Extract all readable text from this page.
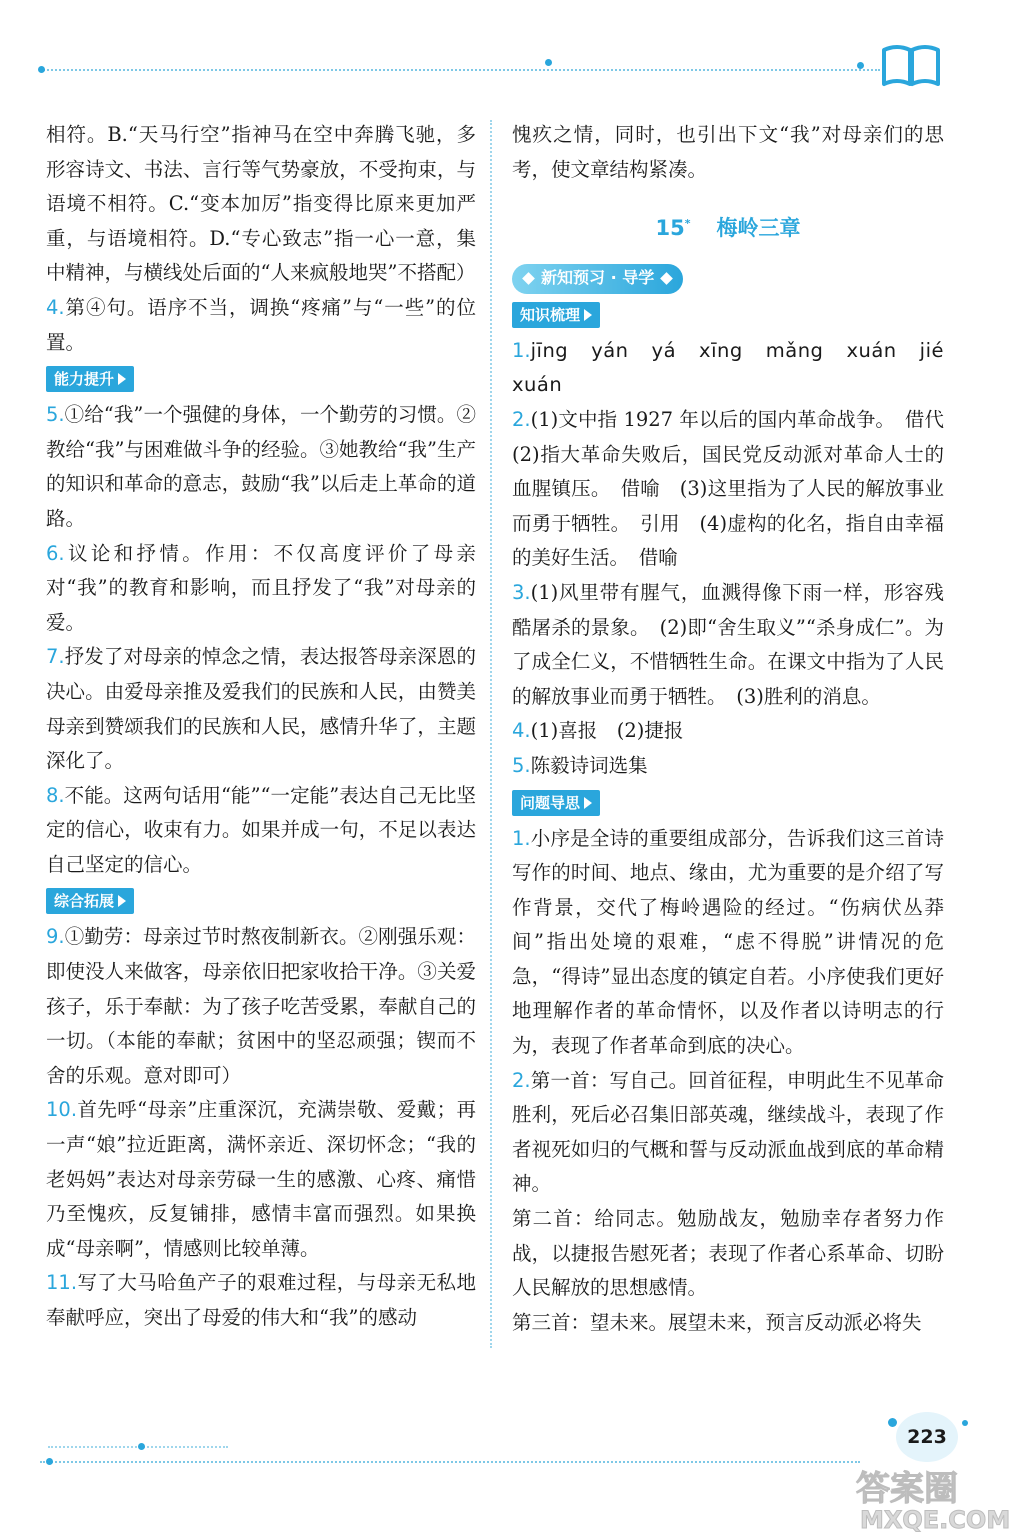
相符。B.“天马行空”指神马在空中奔腾飞驰，多形容诗文、书法、言行等气势豪放，不受拘束，与语境不相符。C.“变本加厉”指变得比原来更加严重，与语境相符。D.“专心致志”指一心一意，集中精神，与横线处后面的“人来疯般地哭”不搭配）

4.第④句。语序不当，调换“疼痛”与“一些”的位置。

能力提升

5.①给“我”一个强健的身体，一个勤劳的习惯。②教给“我”与困难做斗争的经验。③她教给“我”生产的知识和革命的意志，鼓励“我”以后走上革命的道路。

6.议论和抒情。作用：不仅高度评价了母亲对“我”的教育和影响，而且抒发了“我”对母亲的爱。

7.抒发了对母亲的悼念之情，表达报答母亲深恩的决心。由爱母亲推及爱我们的民族和人民，由赞美母亲到赞颂我们的民族和人民，感情升华了，主题深化了。

8.不能。这两句话用“能”“一定能”表达自己无比坚定的信心，收束有力。如果并成一句，不足以表达自己坚定的信心。

综合拓展

9.①勤劳：母亲过节时熬夜制新衣。②刚强乐观：即使没人来做客，母亲依旧把家收拾干净。③关爱孩子，乐于奉献：为了孩子吃苦受累，奉献自己的一切。（本能的奉献；贫困中的坚忍顽强；锲而不舍的乐观。意对即可）

10.首先呼“母亲”庄重深沉，充满崇敬、爱戴；再一声“娘”拉近距离，满怀亲近、深切怀念；“我的老妈妈”表达对母亲劳碌一生的感激、心疼、痛惜乃至愧疚，反复铺排，感情丰富而强烈。如果换成“母亲啊”，情感则比较单薄。

11.写了大马哈鱼产子的艰难过程，与母亲无私地奉献呼应，突出了母爱的伟大和“我”的感动

愧疚之情，同时，也引出下文“我”对母亲们的思考，使文章结构紧凑。

15* 梅岭三章
新知预习 · 导学

知识梳理

1.jīng　yán　yá　xīng　mǎng　xuán　jié　xuán

2.(1)文中指 1927 年以后的国内革命战争。　借代　(2)指大革命失败后，国民党反动派对革命人士的血腥镇压。　借喻　(3)这里指为了人民的解放事业而勇于牺牲。　引用　(4)虚构的化名，指自由幸福的美好生活。　借喻

3.(1)风里带有腥气，血溅得像下雨一样，形容残酷屠杀的景象。　(2)即“舍生取义”“杀身成仁”。为了成全仁义，不惜牺牲生命。在课文中指为了人民的解放事业而勇于牺牲。　(3)胜利的消息。

4.(1)喜报　(2)捷报

5.陈毅诗词选集

问题导思

1.小序是全诗的重要组成部分，告诉我们这三首诗写作的时间、地点、缘由，尤为重要的是介绍了写作背景，交代了梅岭遇险的经过。“伤病伏丛莽间”指出处境的艰难，“虑不得脱”讲情况的危急，“得诗”显出态度的镇定自若。小序使我们更好地理解作者的革命情怀，以及作者以诗明志的行为，表现了作者革命到底的决心。

2.第一首：写自己。回首征程，申明此生不见革命胜利，死后必召集旧部英魂，继续战斗，表现了作者视死如归的气概和誓与反动派血战到底的革命精神。

第二首：给同志。勉励战友，勉励幸存者努力作战，以捷报告慰死者；表现了作者心系革命、切盼人民解放的思想感情。

第三首：望未来。展望未来，预言反动派必将失

223
答案圈
MXQE.COM
